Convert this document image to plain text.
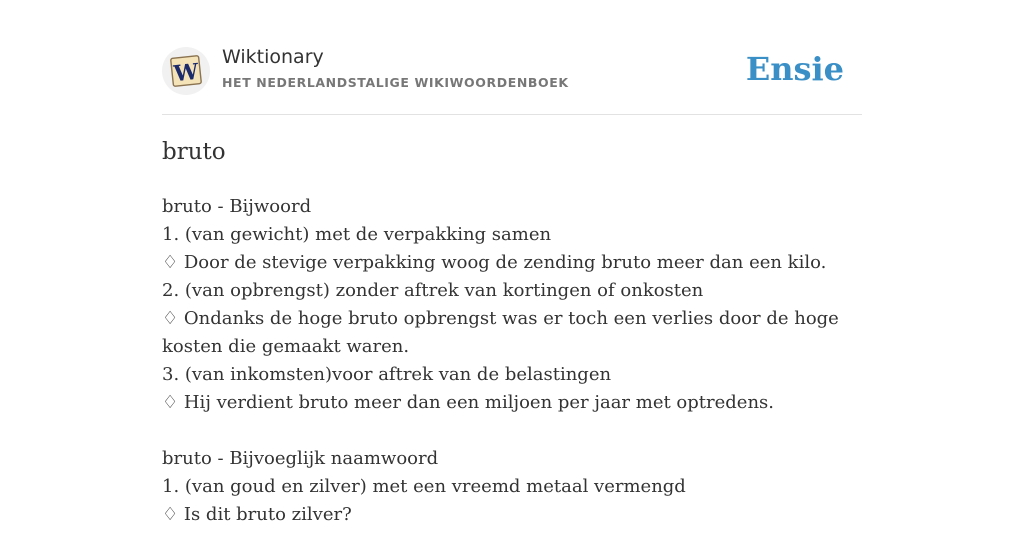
W
Wiktionary
HET NEDERLANDSTALIGE WIKIWOORDENBOEK	Ensie
bruto
bruto - Bijwoord
1. (van gewicht) met de verpakking samen
♢ Door de stevige verpakking woog de zending bruto meer dan een kilo.
2. (van opbrengst) zonder aftrek van kortingen of onkosten
♢ Ondanks de hoge bruto opbrengst was er toch een verlies door de hoge kosten die gemaakt waren.
3. (van inkomsten)voor aftrek van de belastingen
♢ Hij verdient bruto meer dan een miljoen per jaar met optredens.
bruto - Bijvoeglijk naamwoord
1. (van goud en zilver) met een vreemd metaal vermengd
♢ Is dit bruto zilver?
